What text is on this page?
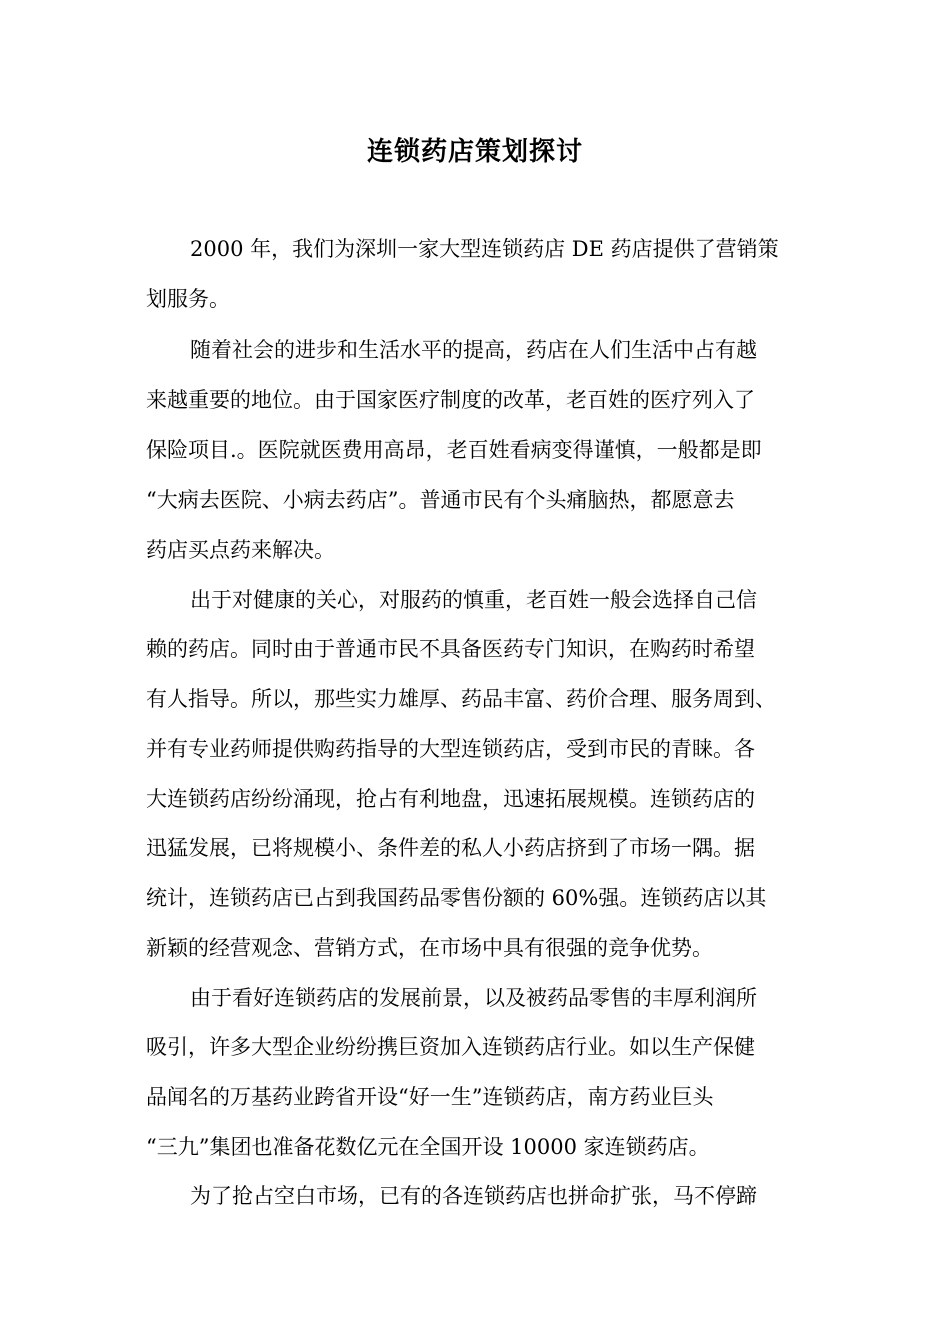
连锁药店策划探讨
2000 年，我们为深圳一家大型连锁药店 DE 药店提供了营销策
划服务。
随着社会的进步和生活水平的提高，药店在人们生活中占有越
来越重要的地位。由于国家医疗制度的改革，老百姓的医疗列入了
保险项目.。医院就医费用高昂，老百姓看病变得谨慎，一般都是即
“大病去医院、小病去药店”。普通市民有个头痛脑热，都愿意去
药店买点药来解决。
出于对健康的关心，对服药的慎重，老百姓一般会选择自己信
赖的药店。同时由于普通市民不具备医药专门知识，在购药时希望
有人指导。所以，那些实力雄厚、药品丰富、药价合理、服务周到、
并有专业药师提供购药指导的大型连锁药店，受到市民的青睐。各
大连锁药店纷纷涌现，抢占有利地盘，迅速拓展规模。连锁药店的
迅猛发展，已将规模小、条件差的私人小药店挤到了市场一隅。据
统计，连锁药店已占到我国药品零售份额的 60%强。连锁药店以其
新颖的经营观念、营销方式，在市场中具有很强的竞争优势。
由于看好连锁药店的发展前景，以及被药品零售的丰厚利润所
吸引，许多大型企业纷纷携巨资加入连锁药店行业。如以生产保健
品闻名的万基药业跨省开设“好一生”连锁药店，南方药业巨头
“三九”集团也准备花数亿元在全国开设 10000 家连锁药店。
为了抢占空白市场，已有的各连锁药店也拼命扩张，马不停蹄
